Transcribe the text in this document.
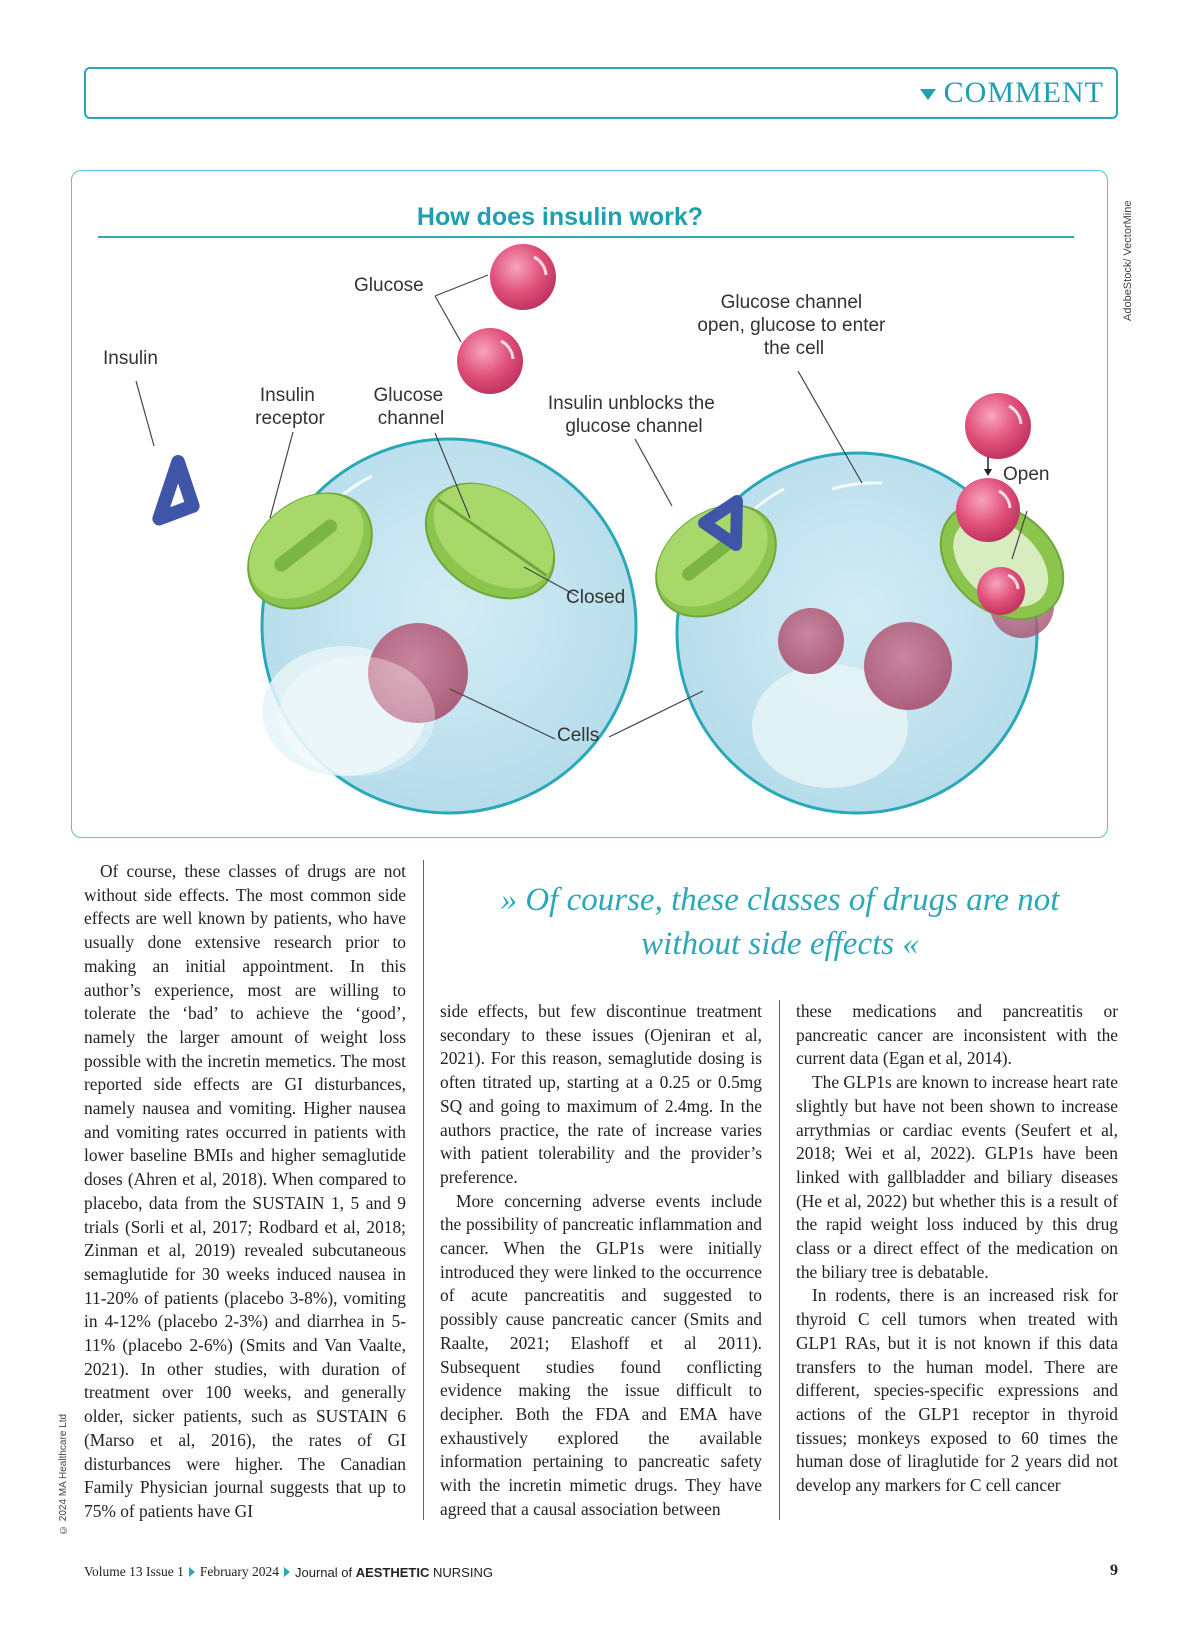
COMMENT
AdobeStock/ VectorMine
How does insulin work?
Glucose
Insulin
Insulin receptor
Glucose channel
Closed
Cells
Insulin unblocks the glucose channel
Glucose channel open, glucose to enter the cell
Open

Of course, these classes of drugs are not without side effects. The most common side effects are well known by patients, who have usually done extensive research prior to making an initial appointment. In this author’s experience, most are willing to tolerate the ‘bad’ to achieve the ‘good’, namely the larger amount of weight loss possible with the incretin memetics. The most reported side effects are GI disturbances, namely nausea and vomiting. Higher nausea and vomiting rates occurred in patients with lower baseline BMIs and higher semaglutide doses (Ahren et al, 2018). When compared to placebo, data from the SUSTAIN 1, 5 and 9 trials (Sorli et al, 2017; Rodbard et al, 2018; Zinman et al, 2019) revealed subcutaneous semaglutide for 30 weeks induced nausea in 11-20% of patients (placebo 3-8%), vomiting in 4-12% (placebo 2-3%) and diarrhea in 5-11% (placebo 2-6%) (Smits and Van Vaalte, 2021). In other studies, with duration of treatment over 100 weeks, and generally older, sicker patients, such as SUSTAIN 6 (Marso et al, 2016), the rates of GI disturbances were higher. The Canadian Family Physician journal suggests that up to 75% of patients have GI

» Of course, these classes of drugs are not without side effects «

side effects, but few discontinue treatment secondary to these issues (Ojeniran et al, 2021). For this reason, semaglutide dosing is often titrated up, starting at a 0.25 or 0.5mg SQ and going to maximum of 2.4mg. In the authors practice, the rate of increase varies with patient tolerability and the provider’s preference.

More concerning adverse events include the possibility of pancreatic inflammation and cancer. When the GLP1s were initially introduced they were linked to the occurrence of acute pancreatitis and suggested to possibly cause pancreatic cancer (Smits and Raalte, 2021; Elashoff et al 2011). Subsequent studies found conflicting evidence making the issue difficult to decipher. Both the FDA and EMA have exhaustively explored the available information pertaining to pancreatic safety with the incretin mimetic drugs. They have agreed that a causal association between

these medications and pancreatitis or pancreatic cancer are inconsistent with the current data (Egan et al, 2014).

The GLP1s are known to increase heart rate slightly but have not been shown to increase arrythmias or cardiac events (Seufert et al, 2018; Wei et al, 2022). GLP1s have been linked with gallbladder and biliary diseases (He et al, 2022) but whether this is a result of the rapid weight loss induced by this drug class or a direct effect of the medication on the biliary tree is debatable.

In rodents, there is an increased risk for thyroid C cell tumors when treated with GLP1 RAs, but it is not known if this data transfers to the human model. There are different, species-specific expressions and actions of the GLP1 receptor in thyroid tissues; monkeys exposed to 60 times the human dose of liraglutide for 2 years did not develop any markers for C cell cancer

© 2024 MA Healthcare Ltd
Volume 13 Issue 1 February 2024 Journal of AESTHETIC NURSING	9
